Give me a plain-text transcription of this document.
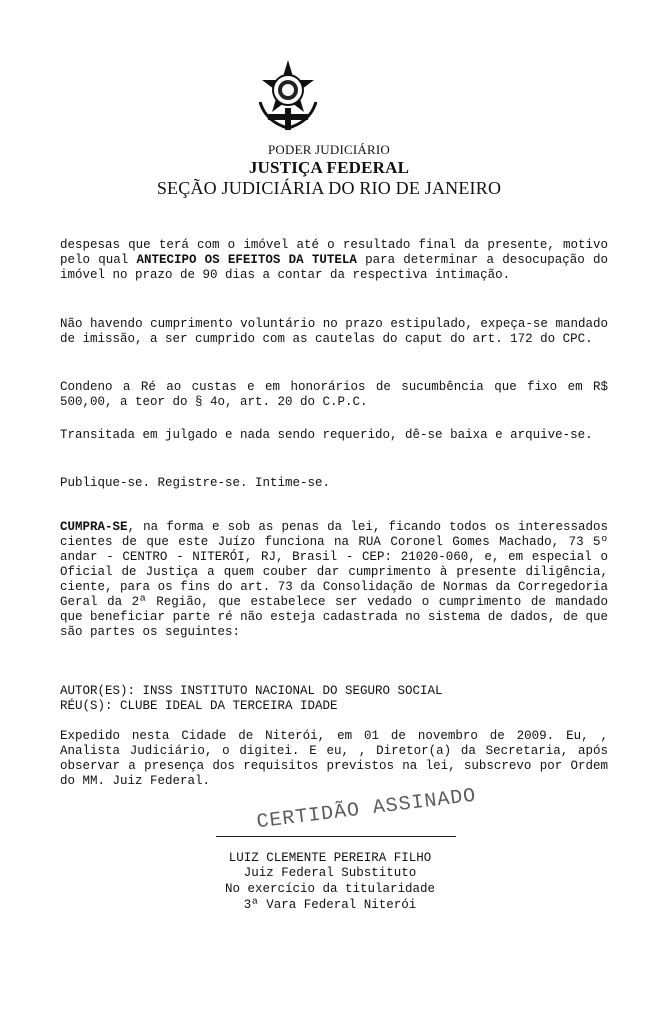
PODER JUDICIÁRIO
JUSTIÇA FEDERAL
SEÇÃO JUDICIÁRIA DO RIO DE JANEIRO
despesas que terá com o imóvel até o resultado final da presente, motivo pelo qual ANTECIPO OS EFEITOS DA TUTELA para determinar a desocupação do imóvel no prazo de 90 dias a contar da respectiva intimação.
Não havendo cumprimento voluntário no prazo estipulado, expeça-se mandado de imissão, a ser cumprido com as cautelas do caput do art. 172 do CPC.
Condeno a Ré ao custas e em honorários de sucumbência que fixo em R$ 500,00, a teor do § 4o, art. 20 do C.P.C.
Transitada em julgado e nada sendo requerido, dê-se baixa e arquive-se.
Publique-se. Registre-se. Intime-se.
CUMPRA-SE, na forma e sob as penas da lei, ficando todos os interessados cientes de que este Juízo funciona na RUA Coronel Gomes Machado, 73 5º andar - CENTRO - NITERÓI, RJ, Brasil - CEP: 21020-060, e, em especial o Oficial de Justiça a quem couber dar cumprimento à presente diligência, ciente, para os fins do art. 73 da Consolidação de Normas da Corregedoria Geral da 2ª Região, que estabelece ser vedado o cumprimento de mandado que beneficiar parte ré não esteja cadastrada no sistema de dados, de que são partes os seguintes:
AUTOR(ES): INSS INSTITUTO NACIONAL DO SEGURO SOCIAL
RÉU(S): CLUBE IDEAL DA TERCEIRA IDADE
Expedido nesta Cidade de Niterói, em 01 de novembro de 2009. Eu, , Analista Judiciário, o digitei. E eu, , Diretor(a) da Secretaria, após observar a presença dos requisitos previstos na lei, subscrevo por Ordem do MM. Juiz Federal.
CERTIDÃO ASSINADO
LUIZ CLEMENTE PEREIRA FILHO
Juiz Federal Substituto
No exercício da titularidade
3ª Vara Federal Niterói
